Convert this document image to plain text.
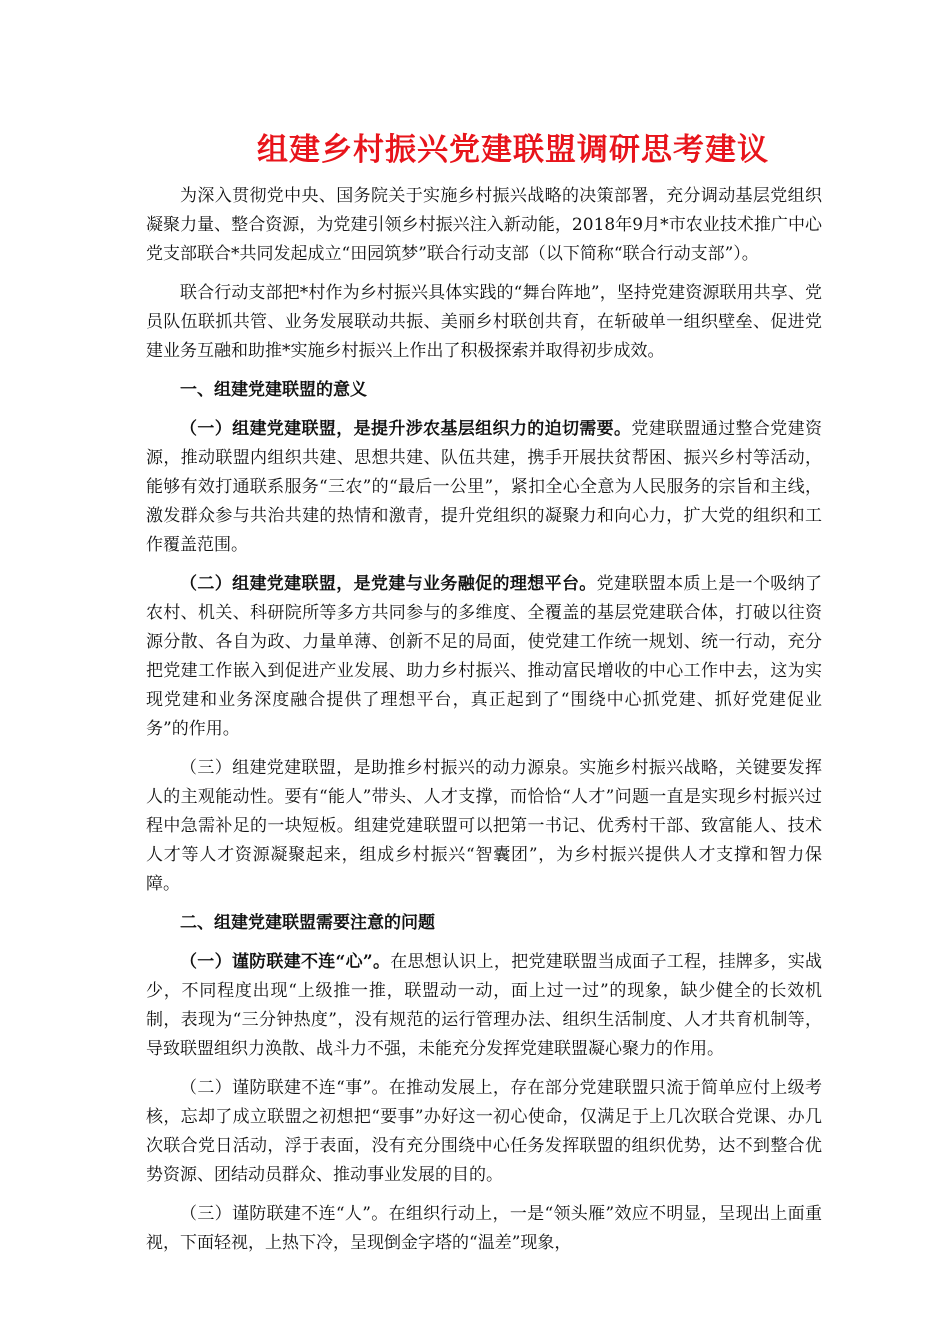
组建乡村振兴党建联盟调研思考建议

为深入贯彻党中央、国务院关于实施乡村振兴战略的决策部署，充分调动基层党组织凝聚力量、整合资源，为党建引领乡村振兴注入新动能，2018年9月*市农业技术推广中心党支部联合*共同发起成立“田园筑梦”联合行动支部（以下简称“联合行动支部”）。

联合行动支部把*村作为乡村振兴具体实践的“舞台阵地”，坚持党建资源联用共享、党员队伍联抓共管、业务发展联动共振、美丽乡村联创共育，在斩破单一组织壁垒、促进党建业务互融和助推*实施乡村振兴上作出了积极探索并取得初步成效。

一、组建党建联盟的意义

（一）组建党建联盟，是提升涉农基层组织力的迫切需要。党建联盟通过整合党建资源，推动联盟内组织共建、思想共建、队伍共建，携手开展扶贫帮困、振兴乡村等活动，能够有效打通联系服务“三农”的“最后一公里”，紧扣全心全意为人民服务的宗旨和主线，激发群众参与共治共建的热情和激青，提升党组织的凝聚力和向心力，扩大党的组织和工作覆盖范围。

（二）组建党建联盟，是党建与业务融促的理想平台。党建联盟本质上是一个吸纳了农村、机关、科研院所等多方共同参与的多维度、全覆盖的基层党建联合体，打破以往资源分散、各自为政、力量单薄、创新不足的局面，使党建工作统一规划、统一行动，充分把党建工作嵌入到促进产业发展、助力乡村振兴、推动富民增收的中心工作中去，这为实现党建和业务深度融合提供了理想平台，真正起到了“围绕中心抓党建、抓好党建促业务”的作用。

（三）组建党建联盟，是助推乡村振兴的动力源泉。实施乡村振兴战略，关键要发挥人的主观能动性。要有“能人”带头、人才支撑，而恰恰“人才”问题一直是实现乡村振兴过程中急需补足的一块短板。组建党建联盟可以把第一书记、优秀村干部、致富能人、技术人才等人才资源凝聚起来，组成乡村振兴“智囊团”，为乡村振兴提供人才支撑和智力保障。

二、组建党建联盟需要注意的问题

（一）谨防联建不连“心”。在思想认识上，把党建联盟当成面子工程，挂牌多，实战少，不同程度出现“上级推一推，联盟动一动，面上过一过”的现象，缺少健全的长效机制，表现为“三分钟热度”，没有规范的运行管理办法、组织生活制度、人才共育机制等，导致联盟组织力涣散、战斗力不强，未能充分发挥党建联盟凝心聚力的作用。

（二）谨防联建不连“事”。在推动发展上，存在部分党建联盟只流于简单应付上级考核，忘却了成立联盟之初想把“要事”办好这一初心使命，仅满足于上几次联合党课、办几次联合党日活动，浮于表面，没有充分围绕中心任务发挥联盟的组织优势，达不到整合优势资源、团结动员群众、推动事业发展的目的。

（三）谨防联建不连“人”。在组织行动上，一是“领头雁”效应不明显，呈现出上面重视，下面轻视，上热下冷，呈现倒金字塔的“温差”现象，
